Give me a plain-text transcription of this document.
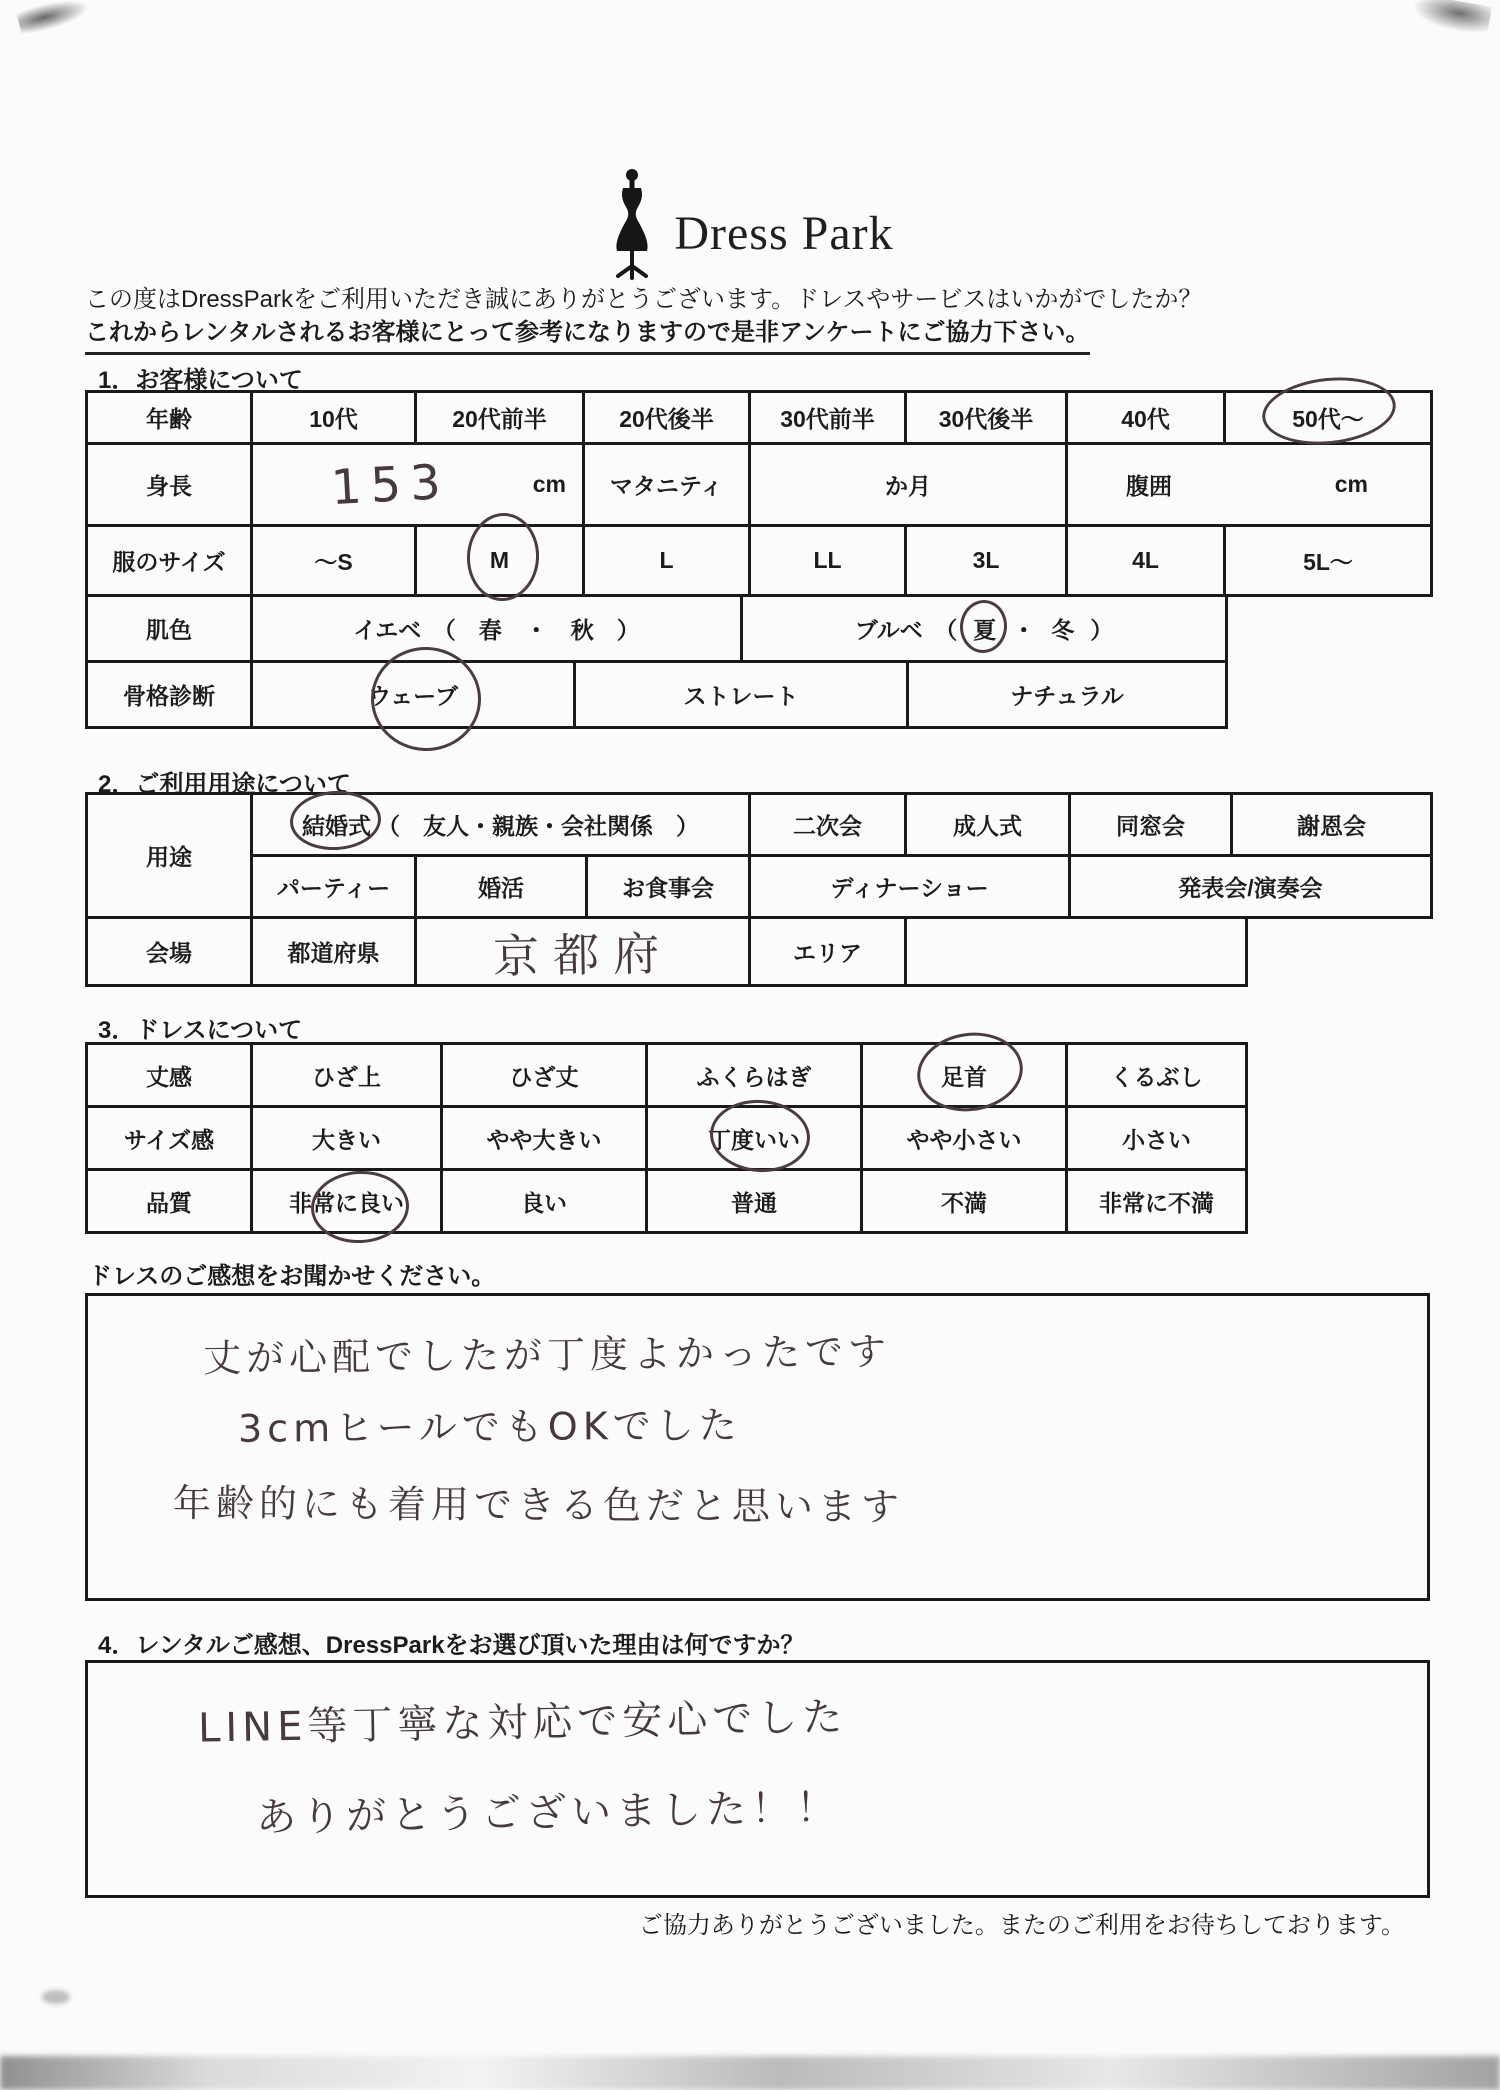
Dress Park
この度はDressParkをご利用いただき誠にありがとうございます。ドレスやサービスはいかがでしたか？
これからレンタルされるお客様にとって参考になりますので是非アンケートにご協力下さい。
1．お客様について
年齢	10代	20代前半	20代後半	30代前半	30代後半	40代	50代～
身長	153	cm	マタニティ	か月	腹囲	cm
服のサイズ	～S	M	L	LL	3L	4L	5L～
肌色	イエベ　（　春　・　秋　）	ブルベ　（ 夏 ・ 冬 ）
骨格診断	ウェーブ	ストレート	ナチュラル
2．ご利用用途について
用途
結婚式 （　友人・親族・会社関係　）	二次会	成人式	同窓会	謝恩会
パーティー	婚活	お食事会	ディナーショー	発表会/演奏会
会場	都道府県	京都府	エリア
3．ドレスについて
丈感	ひざ上	ひざ丈	ふくらはぎ	足首	くるぶし
サイズ感	大きい	やや大きい	丁度いい	やや小さい	小さい
品質	非常に良い	良い	普通	不満	非常に不満
ドレスのご感想をお聞かせください。
丈が心配でしたが丁度よかったです
3cmヒールでもOKでした
年齢的にも着用できる色だと思います
4．レンタルご感想、DressParkをお選び頂いた理由は何ですか？
LINE等丁寧な対応で安心でした
ありがとうございました！！
ご協力ありがとうございました。またのご利用をお待ちしております。
